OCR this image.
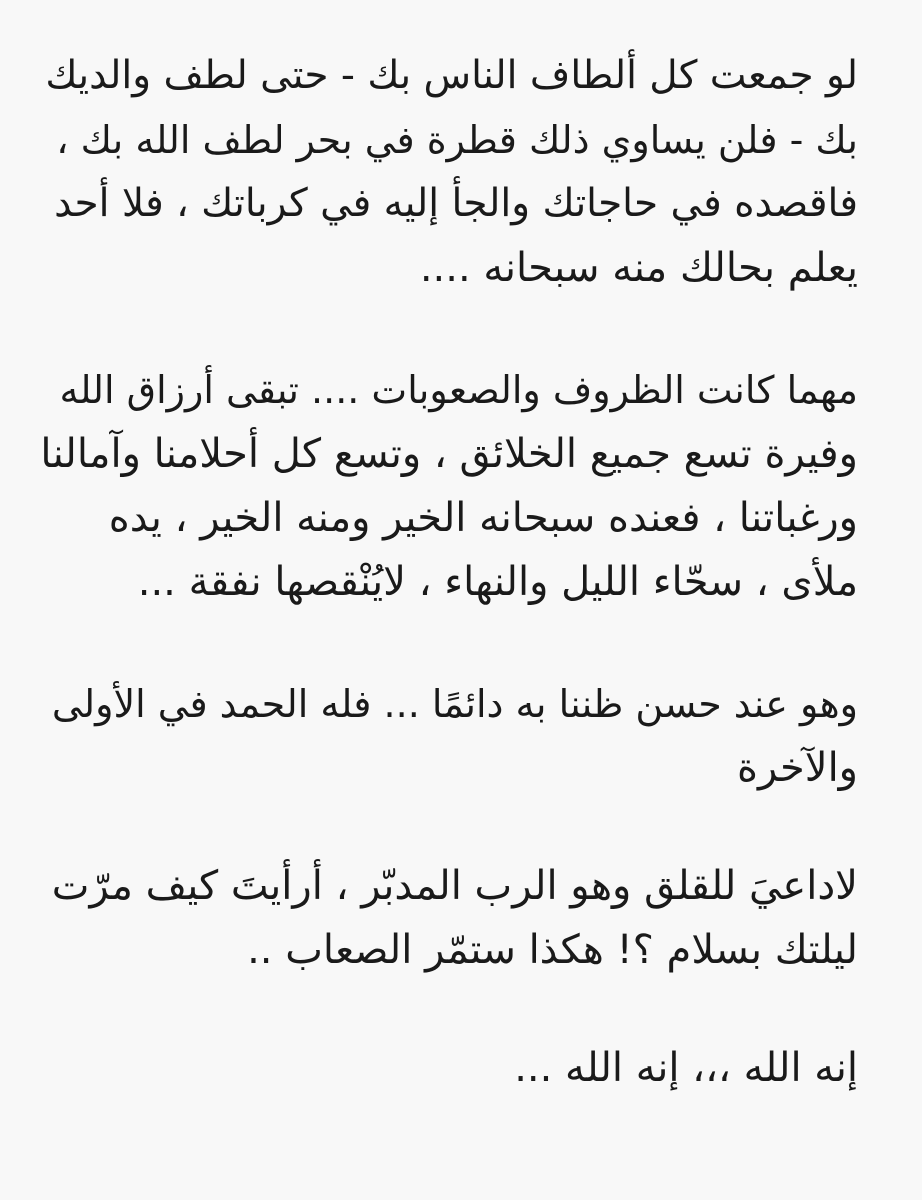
لو جمعت كل ألطاف الناس بك - حتى لطف والديك
بك - فلن يساوي ذلك قطرة في بحر لطف الله بك ،
فاقصده في حاجاتك والجأ إليه في كرباتك ، فلا أحد
يعلم بحالك منه سبحانه ....
مهما كانت الظروف والصعوبات .... تبقى أرزاق الله
وفيرة تسع جميع الخلائق ، وتسع كل أحلامنا وآمالنا
ورغباتنا ، فعنده سبحانه الخير ومنه الخير ، يده
ملأى ، سحّاء الليل والنهاء ، لايُنْقصها نفقة ...
وهو عند حسن ظننا به دائمًا ... فله الحمد في الأولى
والآخرة
لاداعيَ للقلق وهو الرب المدبّر ، أرأيتَ كيف مرّت
ليلتك بسلام ؟! هكذا ستمّر الصعاب ..
إنه الله ،،، إنه الله ...
